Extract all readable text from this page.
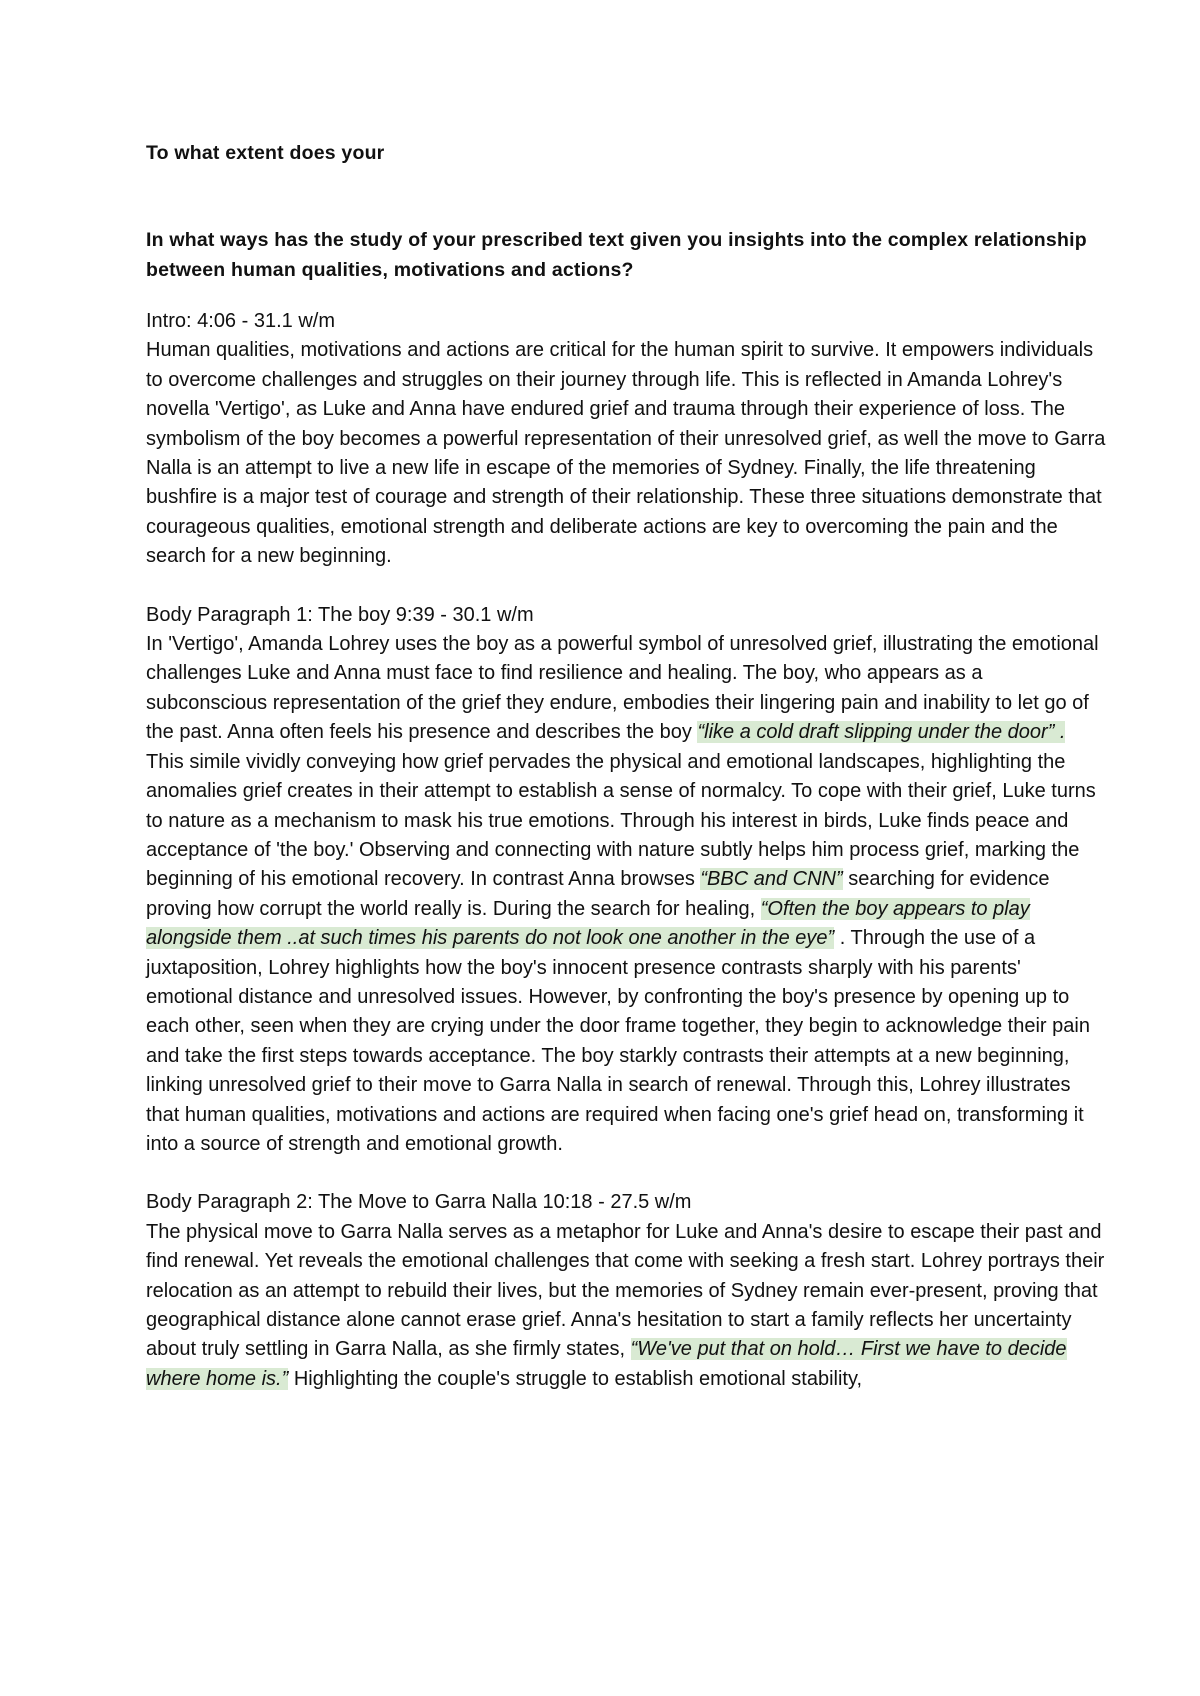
To what extent does your

In what ways has the study of your prescribed text given you insights into the complex relationship between human qualities, motivations and actions?

Intro: 4:06 - 31.1 w/m

Human qualities, motivations and actions are critical for the human spirit to survive. It empowers individuals to overcome challenges and struggles on their journey through life. This is reflected in Amanda Lohrey's novella 'Vertigo', as Luke and Anna have endured grief and trauma through their experience of loss. The symbolism of the boy becomes a powerful representation of their unresolved grief, as well the move to Garra Nalla is an attempt to live a new life in escape of the memories of Sydney. Finally, the life threatening bushfire is a major test of courage and strength of their relationship. These three situations demonstrate that courageous qualities, emotional strength and deliberate actions are key to overcoming the pain and the search for a new beginning.

Body Paragraph 1: The boy 9:39 - 30.1 w/m

In 'Vertigo', Amanda Lohrey uses the boy as a powerful symbol of unresolved grief, illustrating the emotional challenges Luke and Anna must face to find resilience and healing. The boy, who appears as a subconscious representation of the grief they endure, embodies their lingering pain and inability to let go of the past. Anna often feels his presence and describes the boy “like a cold draft slipping under the door” . This simile vividly conveying how grief pervades the physical and emotional landscapes, highlighting the anomalies grief creates in their attempt to establish a sense of normalcy. To cope with their grief, Luke turns to nature as a mechanism to mask his true emotions. Through his interest in birds, Luke finds peace and acceptance of 'the boy.' Observing and connecting with nature subtly helps him process grief, marking the beginning of his emotional recovery. In contrast Anna browses “BBC and CNN” searching for evidence proving how corrupt the world really is. During the search for healing, “Often the boy appears to play alongside them ..at such times his parents do not look one another in the eye” . Through the use of a juxtaposition, Lohrey highlights how the boy's innocent presence contrasts sharply with his parents' emotional distance and unresolved issues. However, by confronting the boy's presence by opening up to each other, seen when they are crying under the door frame together, they begin to acknowledge their pain and take the first steps towards acceptance. The boy starkly contrasts their attempts at a new beginning, linking unresolved grief to their move to Garra Nalla in search of renewal. Through this, Lohrey illustrates that human qualities, motivations and actions are required when facing one's grief head on, transforming it into a source of strength and emotional growth.

Body Paragraph 2: The Move to Garra Nalla 10:18 - 27.5 w/m

The physical move to Garra Nalla serves as a metaphor for Luke and Anna's desire to escape their past and find renewal. Yet reveals the emotional challenges that come with seeking a fresh start. Lohrey portrays their relocation as an attempt to rebuild their lives, but the memories of Sydney remain ever-present, proving that geographical distance alone cannot erase grief. Anna's hesitation to start a family reflects her uncertainty about truly settling in Garra Nalla, as she firmly states, “We've put that on hold… First we have to decide where home is.” Highlighting the couple's struggle to establish emotional stability,
